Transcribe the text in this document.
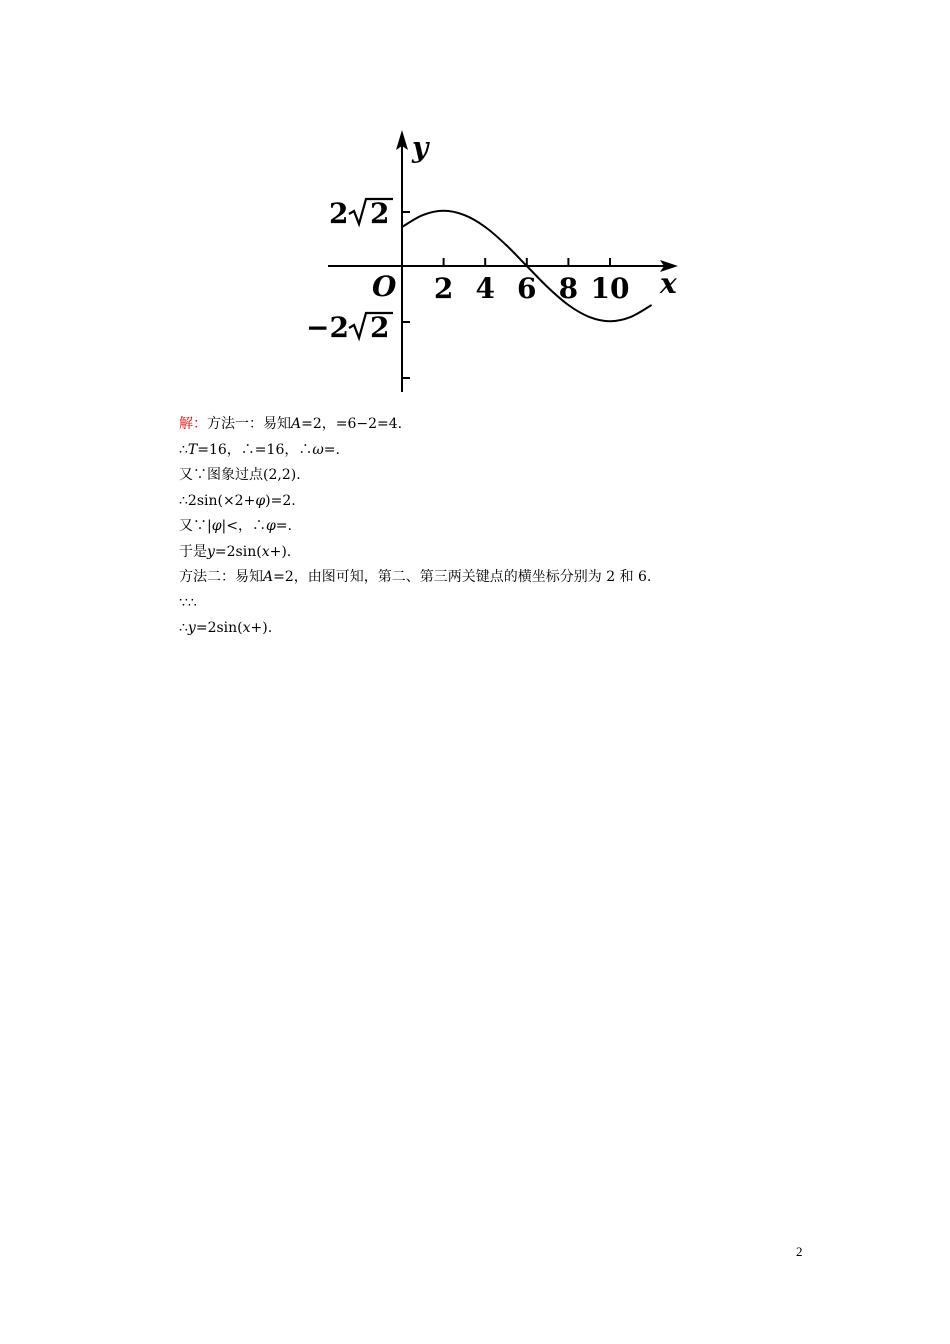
y
x
O 2 4 6 8 10
2 2
−2 2
解：方法一：易知A=2，=6−2=4.
∴T=16，∴=16，∴ω=.
又∵图象过点(2,2).
∴2sin(×2+φ)=2.
又∵|φ|<，∴φ=.
于是y=2sin(x+).
方法二：易知A=2，由图可知，第二、第三两关键点的横坐标分别为 2 和 6.
∵∴
∴y=2sin(x+).
2
